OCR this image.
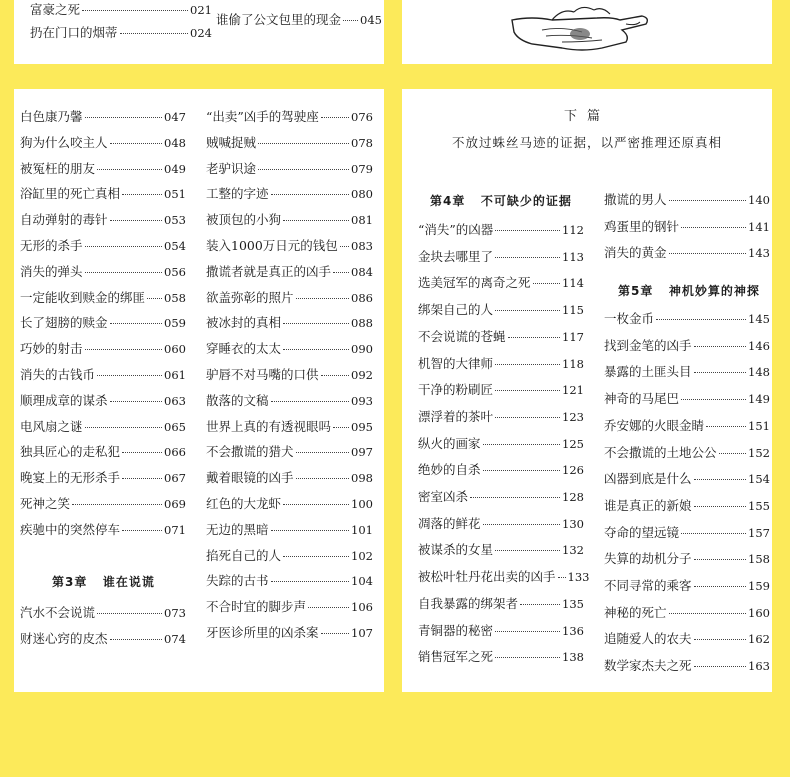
富豪之死	021
扔在门口的烟蒂	024
谁偷了公文包里的现金 045
白色康乃馨	047
狗为什么咬主人	048
被冤枉的朋友	049
浴缸里的死亡真相	051
自动弹射的毒针	053
无形的杀手	054
消失的弹头	056
一定能收到赎金的绑匪 058
长了翅膀的赎金	059
巧妙的射击	060
消失的古钱币	061
顺理成章的谋杀	063
电风扇之谜	065
独具匠心的走私犯	066
晚宴上的无形杀手	067
死神之笑	069
疾驰中的突然停车	071
汽水不会说谎	073
财迷心窍的皮杰	074
“出卖”凶手的驾驶座	076
贼喊捉贼	078
老驴识途	079
工整的字迹	080
被顶包的小狗	081
装入1000万日元的钱包 083
撒谎者就是真正的凶手 084
欲盖弥彰的照片	086
被冰封的真相	088
穿睡衣的太太	090
驴唇不对马嘴的口供	092
散落的文稿	093
世界上真的有透视眼吗 095
不会撒谎的猎犬	097
戴着眼镜的凶手	098
红色的大龙虾	100
无边的黑暗	101
掐死自己的人	102
失踪的古书	104
不合时宜的脚步声	106
牙医诊所里的凶杀案	107
下篇
不放过蛛丝马迹的证据，以严密推理还原真相
第4章 不可缺少的证据
第5章 神机妙算的神探
“消失”的凶器	112
金块去哪里了	113
选美冠军的离奇之死	114
绑架自己的人	115
不会说谎的苍蝇	117
机智的大律师	118
干净的粉刷匠	121
漂浮着的茶叶	123
纵火的画家	125
绝妙的自杀	126
密室凶杀	128
凋落的鲜花	130
被谋杀的女星	132
被松叶牡丹花出卖的凶手 133
自我暴露的绑架者	135
青铜器的秘密	136
销售冠军之死	138
撒谎的男人	140
鸡蛋里的钢针	141
消失的黄金	143
一枚金币	145
找到金笔的凶手	146
暴露的土匪头目	148
神奇的马尾巴	149
乔安娜的火眼金睛	151
不会撒谎的土地公公	152
凶器到底是什么	154
谁是真正的新娘	155
夺命的望远镜	157
失算的劫机分子	158
不同寻常的乘客	159
神秘的死亡	160
追随爱人的农夫	162
数学家杰夫之死	163
第3章 谁在说谎
